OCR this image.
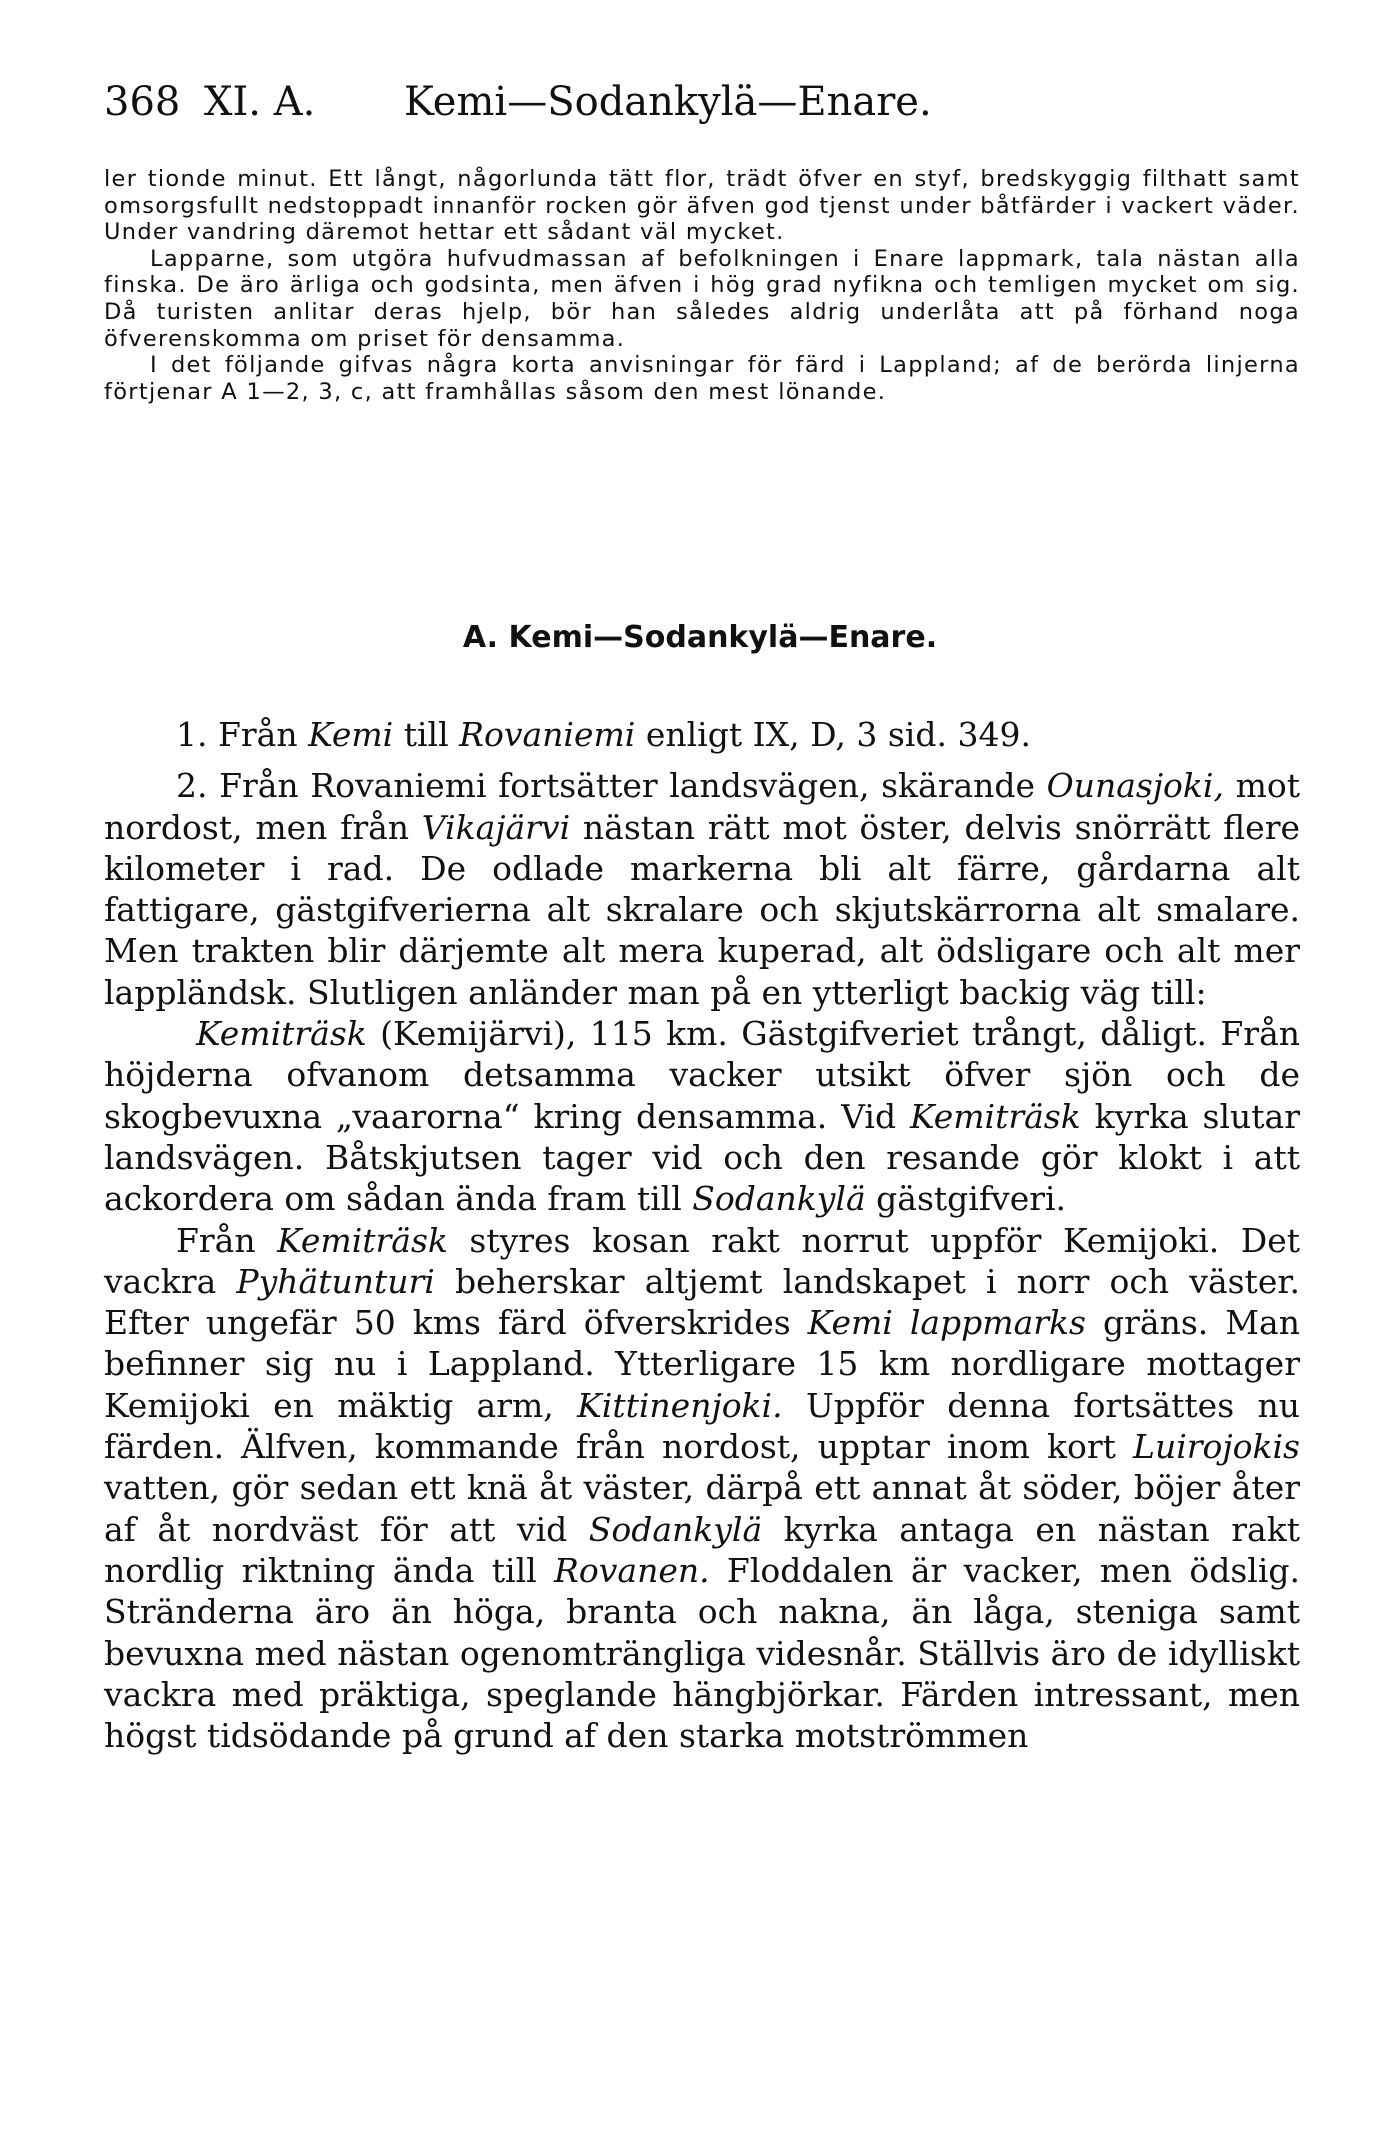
368 XI. A. Kemi—Sodankylä—Enare.

ler tionde minut. Ett långt, någorlunda tätt flor, trädt öfver en styf, bredskyggig filthatt samt omsorgsfullt nedstoppadt innanför rocken gör äfven god tjenst under båtfärder i vackert väder. Under vandring däremot hettar ett sådant väl mycket.

Lapparne, som utgöra hufvudmassan af befolkningen i Enare lappmark, tala nästan alla finska. De äro ärliga och godsinta, men äfven i hög grad nyfikna och temligen mycket om sig. Då turisten anlitar deras hjelp, bör han således aldrig underlåta att på förhand noga öfverenskomma om priset för densamma.

I det följande gifvas några korta anvisningar för färd i Lappland; af de berörda linjerna förtjenar A 1—2, 3, c, att framhållas såsom den mest lönande.

A. Kemi—Sodankylä—Enare.

1. Från Kemi till Rovaniemi enligt IX, D, 3 sid. 349.

2. Från Rovaniemi fortsätter landsvägen, skärande Ounasjoki, mot nordost, men från Vikajärvi nästan rätt mot öster, delvis snörrätt flere kilometer i rad. De odlade markerna bli alt färre, gårdarna alt fattigare, gästgifverierna alt skralare och skjutskärrorna alt smalare. Men trakten blir därjemte alt mera kuperad, alt ödsligare och alt mer lappländsk. Slutligen anländer man på en ytterligt backig väg till:

Kemiträsk (Kemijärvi), 115 km. Gästgifveriet trångt, dåligt. Från höjderna ofvanom detsamma vacker utsikt öfver sjön och de skogbevuxna „vaarorna“ kring densamma. Vid Kemiträsk kyrka slutar landsvägen. Båtskjutsen tager vid och den resande gör klokt i att ackordera om sådan ända fram till Sodankylä gästgifveri.

Från Kemiträsk styres kosan rakt norrut uppför Kemijoki. Det vackra Pyhätunturi beherskar altjemt landskapet i norr och väster. Efter ungefär 50 kms färd öfverskrides Kemi lappmarks gräns. Man befinner sig nu i Lappland. Ytterligare 15 km nordligare mottager Kemijoki en mäktig arm, Kittinenjoki. Uppför denna fortsättes nu färden. Älfven, kommande från nordost, upptar inom kort Luirojokis vatten, gör sedan ett knä åt väster, därpå ett annat åt söder, böjer åter af åt nordväst för att vid Sodankylä kyrka antaga en nästan rakt nordlig riktning ända till Rovanen. Floddalen är vacker, men ödslig. Stränderna äro än höga, branta och nakna, än låga, steniga samt bevuxna med nästan ogenomträngliga videsnår. Ställvis äro de idylliskt vackra med präktiga, speglande hängbjörkar. Färden intressant, men högst tidsödande på grund af den starka motströmmen
